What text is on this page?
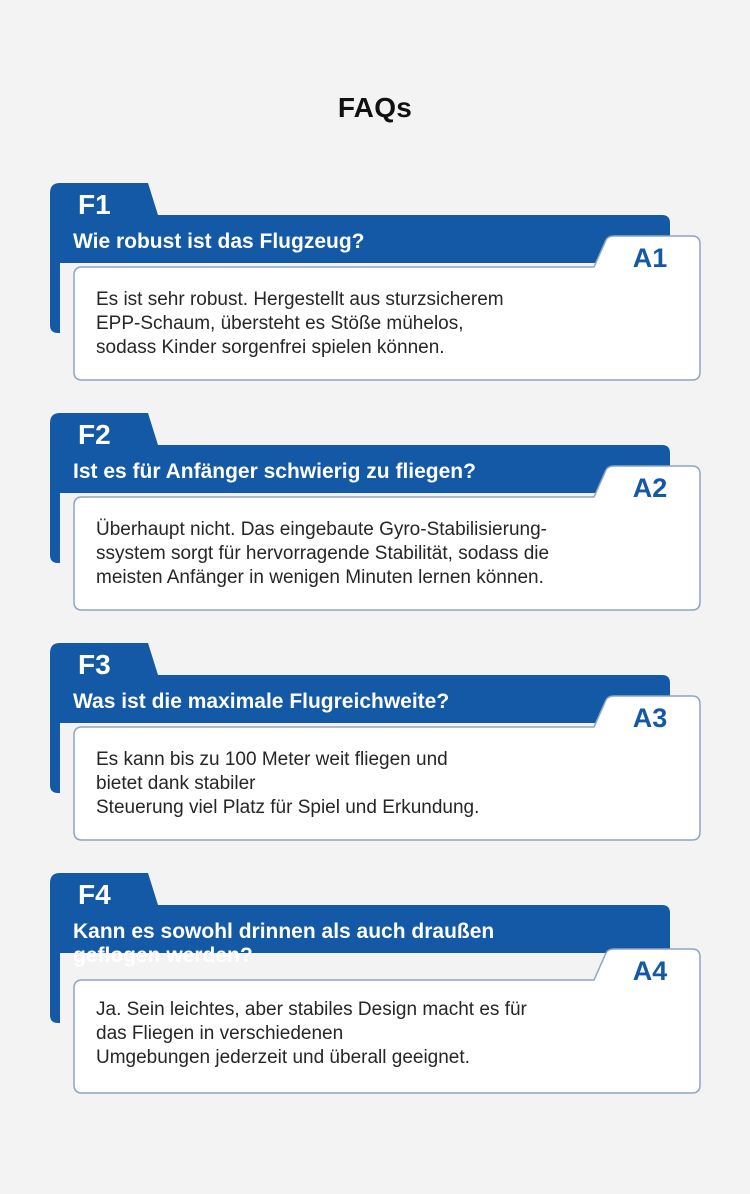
FAQs
F1
Wie robust ist das Flugzeug?
A1
Es ist sehr robust. Hergestellt aus sturzsicherem
EPP-Schaum, übersteht es Stöße mühelos,
sodass Kinder sorgenfrei spielen können.
F2
Ist es für Anfänger schwierig zu fliegen?
A2
Überhaupt nicht. Das eingebaute Gyro-Stabilisierung-
ssystem sorgt für hervorragende Stabilität, sodass die
meisten Anfänger in wenigen Minuten lernen können.
F3
Was ist die maximale Flugreichweite?
A3
Es kann bis zu 100 Meter weit fliegen und
bietet dank stabiler
Steuerung viel Platz für Spiel und Erkundung.
Kann es sowohl drinnen als auch draußen geflogen werden?
F4
A4
Ja. Sein leichtes, aber stabiles Design macht es für
das Fliegen in verschiedenen
Umgebungen jederzeit und überall geeignet.
